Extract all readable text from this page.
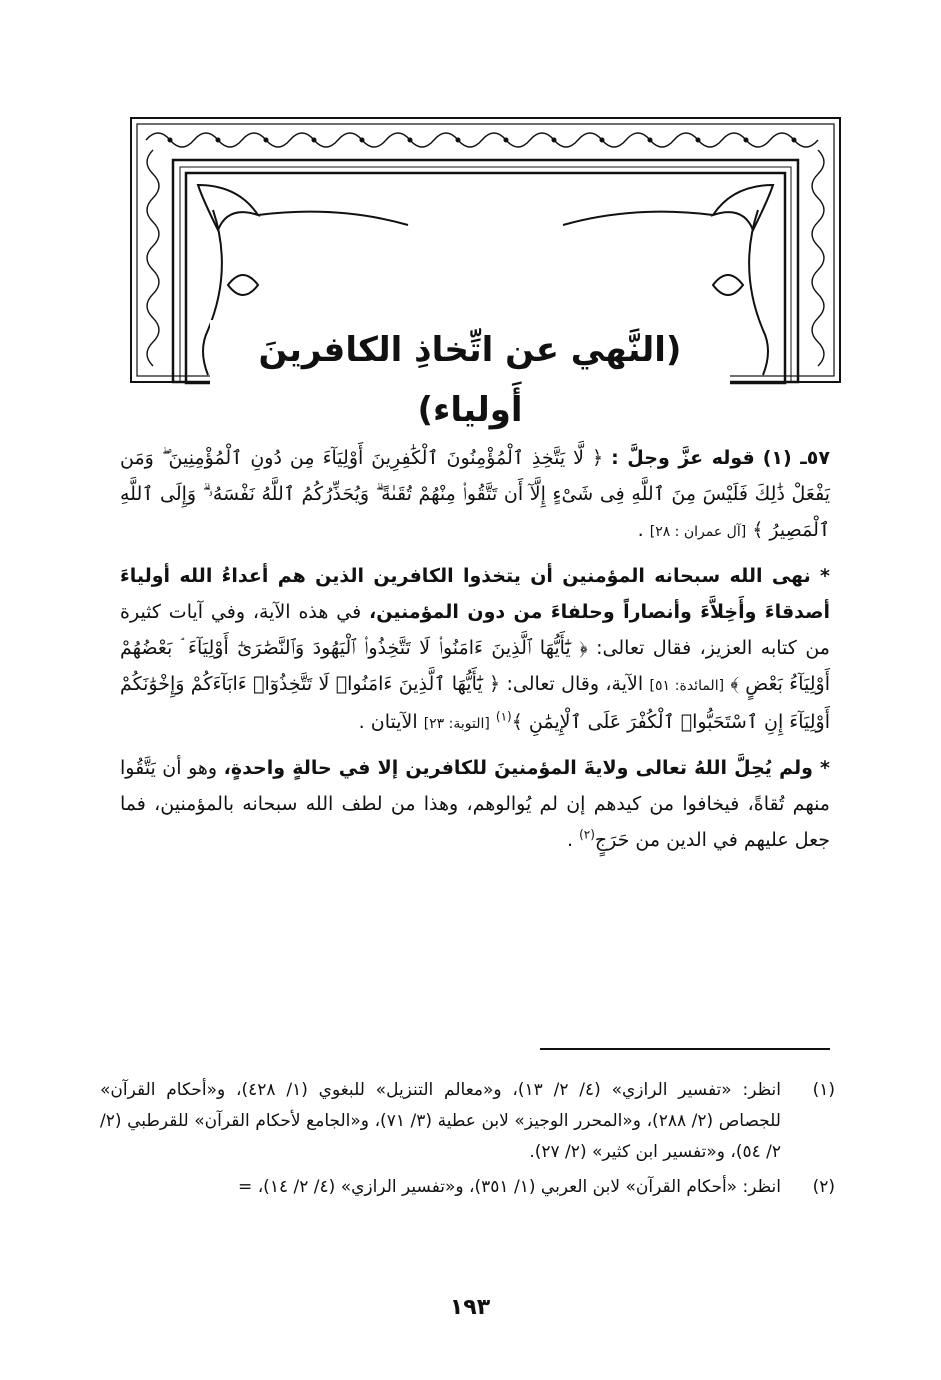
(النَّهي عن اتِّخاذِ الكافرينَ أَولياء)

٥٧ـ (١) قوله عزَّ وجلَّ : ﴿ لَّا يَتَّخِذِ ٱلْمُؤْمِنُونَ ٱلْكَٰفِرِينَ أَوْلِيَآءَ مِن دُونِ ٱلْمُؤْمِنِينَ ۖ وَمَن يَفْعَلْ ذَٰلِكَ فَلَيْسَ مِنَ ٱللَّهِ فِى شَىْءٍ إِلَّآ أَن تَتَّقُوا۟ مِنْهُمْ تُقَىٰةً ۗ وَيُحَذِّرُكُمُ ٱللَّهُ نَفْسَهُۥ ۗ وَإِلَى ٱللَّهِ ٱلْمَصِيرُ ﴾ [آل عمران : ٢٨] .

* نهى الله سبحانه المؤمنين أن يتخذوا الكافرين الذين هم أعداءُ الله أولياءَ أصدقاءَ وأَخِلاَّءَ وأنصاراً وحلفاءَ من دون المؤمنين، في هذه الآية، وفي آيات كثيرة من كتابه العزيز، فقال تعالى: ﴿ يَٰٓأَيُّهَا ٱلَّذِينَ ءَامَنُوا۟ لَا تَتَّخِذُوا۟ ٱلْيَهُودَ وَٱلنَّصَٰرَىٰٓ أَوْلِيَآءَ ۘ بَعْضُهُمْ أَوْلِيَآءُ بَعْضٍ ﴾ [المائدة: ٥١] الآية، وقال تعالى: ﴿ يَٰٓأَيُّهَا ٱلَّذِينَ ءَامَنُوا۟ لَا تَتَّخِذُوٓا۟ ءَابَآءَكُمْ وَإِخْوَٰنَكُمْ أَوْلِيَآءَ إِنِ ٱسْتَحَبُّوا۟ ٱلْكُفْرَ عَلَى ٱلْإِيمَٰنِ ﴾$^{(١)}$ [التوبة: ٢٣] الآيتان .

* ولم يُحِلَّ اللهُ تعالى ولايةَ المؤمنينَ للكافرين إلا في حالةٍ واحدةٍ، وهو أن يَتَّقُوا منهم تُقاةً، فيخافوا من كيدهم إن لم يُوالوهم، وهذا من لطف الله سبحانه بالمؤمنين، فما جعل عليهم في الدين من حَرَجٍ$^{(٢)}$ .

(١)
انظر: «تفسير الرازي» (٤/ ٢/ ١٣)، و«معالم التنزيل» للبغوي (١/ ٤٢٨)، و«أحكام القرآن» للجصاص (٢/ ٢٨٨)، و«المحرر الوجيز» لابن عطية (٣/ ٧١)، و«الجامع لأحكام القرآن» للقرطبي (٢/ ٢/ ٥٤)، و«تفسير ابن كثير» (٢/ ٢٧).
(٢)
انظر: «أحكام القرآن» لابن العربي (١/ ٣٥١)، و«تفسير الرازي» (٤/ ٢/ ١٤)، =
١٩٣
